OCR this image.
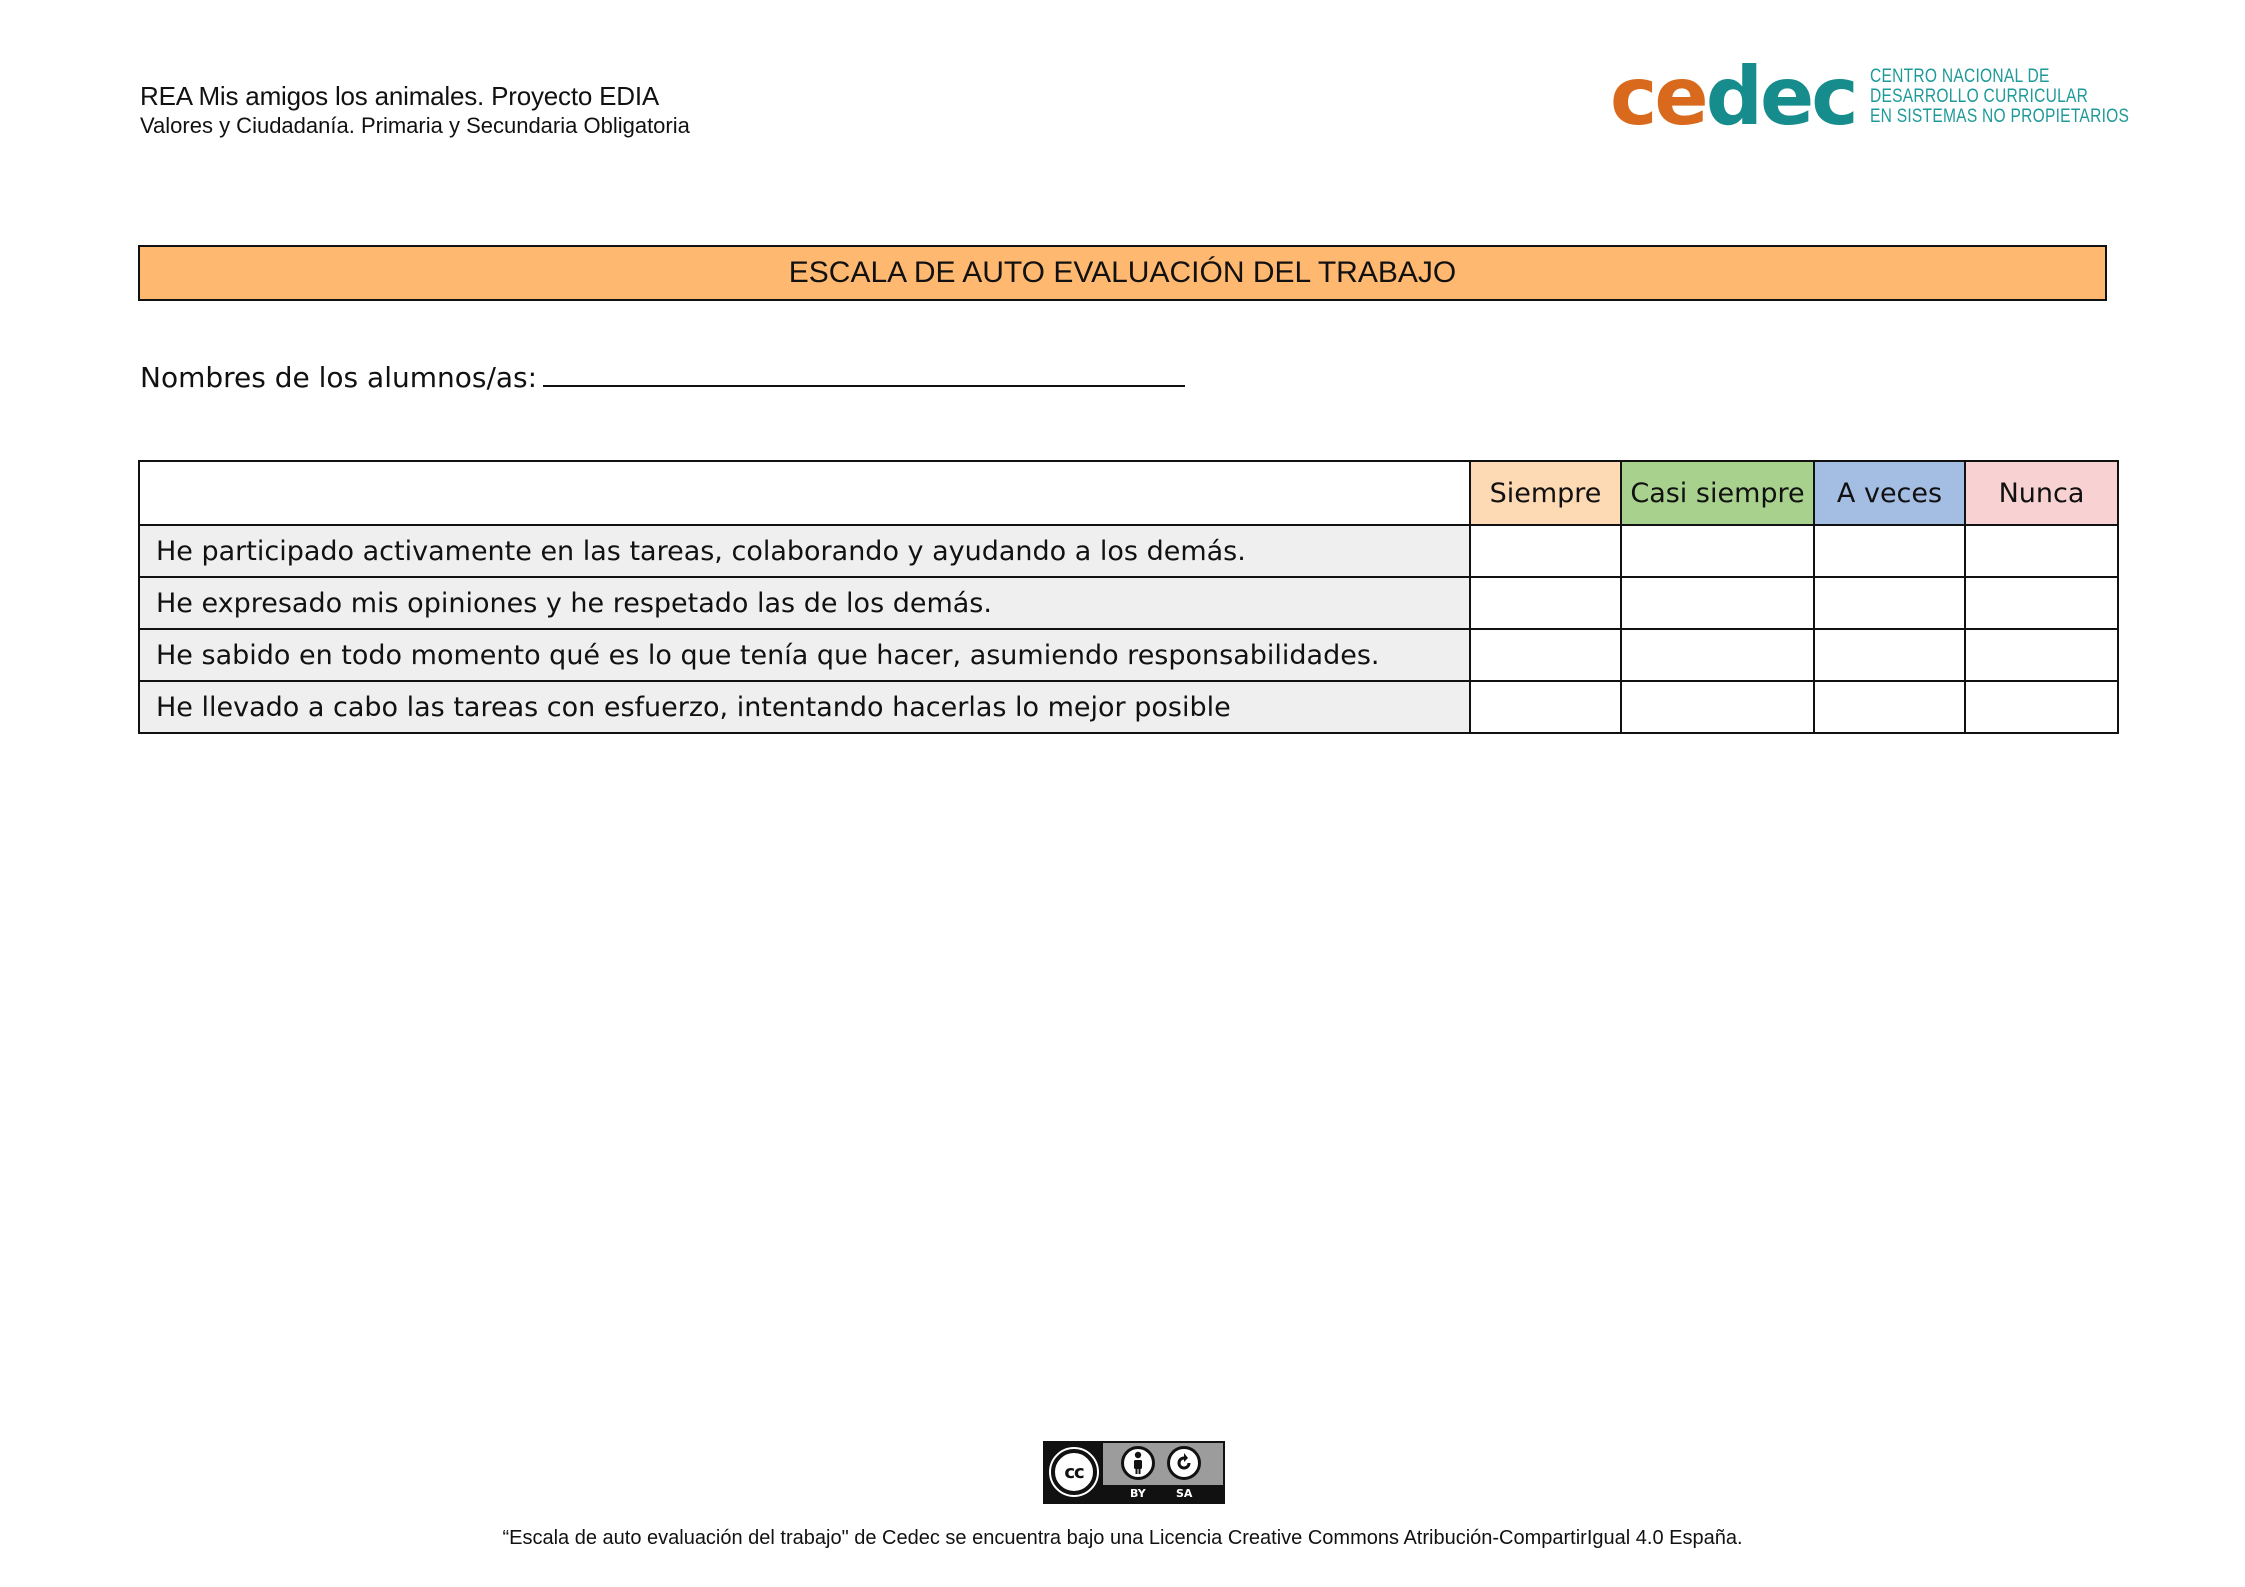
REA Mis amigos los animales. Proyecto EDIA
Valores y Ciudadanía. Primaria y Secundaria Obligatoria	cedec CENTRO NACIONAL DE
DESARROLLO CURRICULAR
EN SISTEMAS NO PROPIETARIOS
ESCALA DE AUTO EVALUACIÓN DEL TRABAJO
Nombres de los alumnos/as:
	Siempre	Casi siempre	A veces	Nunca
He participado activamente en las tareas, colaborando y ayudando a los demás.				
He expresado mis opiniones y he respetado las de los demás.				
He sabido en todo momento qué es lo que tenía que hacer, asumiendo responsabilidades.				
He llevado a cabo las tareas con esfuerzo, intentando hacerlas lo mejor posible				
cc
BY	SA
“Escala de auto evaluación del trabajo" de Cedec se encuentra bajo una Licencia Creative Commons Atribución-CompartirIgual 4.0 España.
